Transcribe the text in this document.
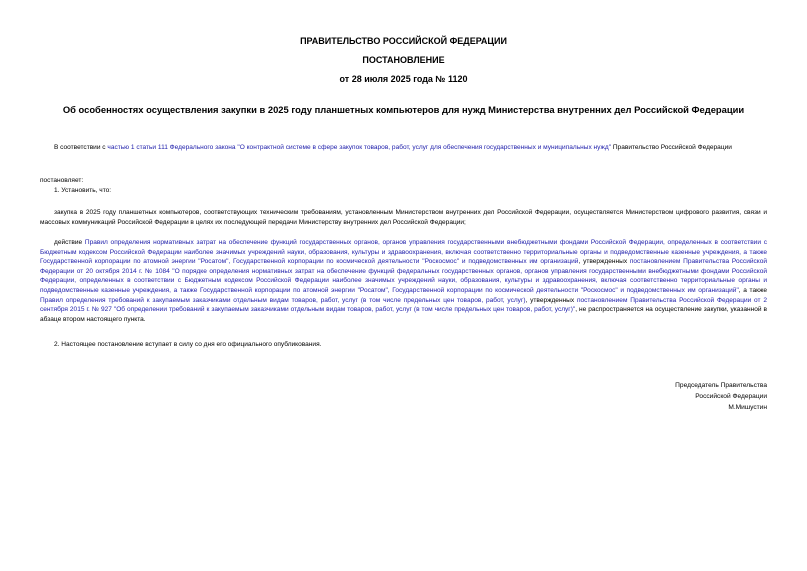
ПРАВИТЕЛЬСТВО РОССИЙСКОЙ ФЕДЕРАЦИИ
ПОСТАНОВЛЕНИЕ
от 28 июля 2025 года № 1120
Об особенностях осуществления закупки в 2025 году планшетных компьютеров для нужд Министерства внутренних дел Российской Федерации
В соответствии с частью 1 статьи 111 Федерального закона "О контрактной системе в сфере закупок товаров, работ, услуг для обеспечения государственных и муниципальных нужд" Правительство Российской Федерации
постановляет:
1. Установить, что:
закупка в 2025 году планшетных компьютеров, соответствующих техническим требованиям, установленным Министерством внутренних дел Российской Федерации, осуществляется Министерством цифрового развития, связи и массовых коммуникаций Российской Федерации в целях их последующей передачи Министерству внутренних дел Российской Федерации;
действие Правил определения нормативных затрат на обеспечение функций государственных органов, органов управления государственными внебюджетными фондами Российской Федерации, определенных в соответствии с Бюджетным кодексом Российской Федерации наиболее значимых учреждений науки, образования, культуры и здравоохранения, включая соответственно территориальные органы и подведомственные казенные учреждения, а также Государственной корпорации по атомной энергии "Росатом", Государственной корпорации по космической деятельности "Роскосмос" и подведомственных им организаций, утвержденных постановлением Правительства Российской Федерации от 20 октября 2014 г. № 1084 "О порядке определения нормативных затрат на обеспечение функций федеральных государственных органов, органов управления государственными внебюджетными фондами Российской Федерации, определенных в соответствии с Бюджетным кодексом Российской Федерации наиболее значимых учреждений науки, образования, культуры и здравоохранения, включая соответственно территориальные органы и подведомственные казенные учреждения, а также Государственной корпорации по атомной энергии "Росатом", Государственной корпорации по космической деятельности "Роскосмос" и подведомственных им организаций", а также Правил определения требований к закупаемым заказчиками отдельным видам товаров, работ, услуг (в том числе предельных цен товаров, работ, услуг), утвержденных постановлением Правительства Российской Федерации от 2 сентября 2015 г. № 927 "Об определении требований к закупаемым заказчиками отдельным видам товаров, работ, услуг (в том числе предельных цен товаров, работ, услуг)", не распространяется на осуществление закупки, указанной в абзаце втором настоящего пункта.
2. Настоящее постановление вступает в силу со дня его официального опубликования.
Председатель Правительства
Российской Федерации
М.Мишустин
